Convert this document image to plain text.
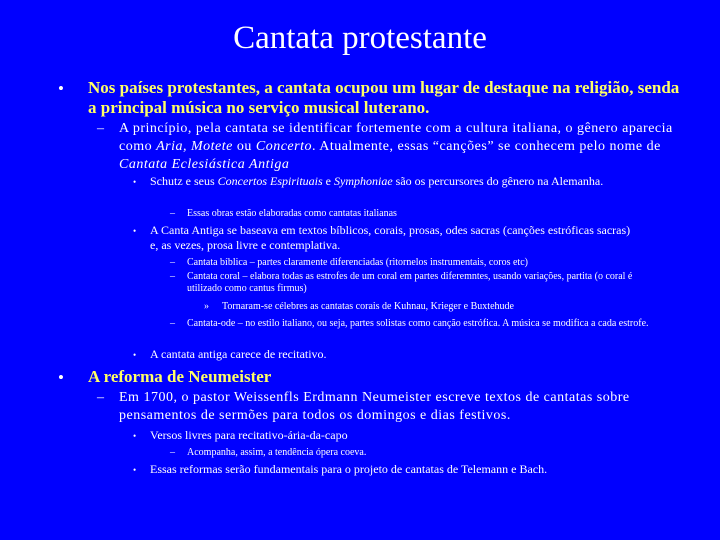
Cantata protestante
• Nos países protestantes, a cantata ocupou um lugar de destaque na religião, senda a principal música no serviço musical luterano.
– A princípio, pela cantata se identificar fortemente com a cultura italiana, o gênero aparecia como Aria, Motete ou Concerto. Atualmente, essas “canções” se conhecem pelo nome de Cantata Eclesiástica Antiga
• Schutz e seus Concertos Espirituais e Symphoniae são os percursores do gênero na Alemanha.
– Essas obras estão elaboradas como cantatas italianas
• A Canta Antiga se baseava em textos bíblicos, corais, prosas, odes sacras (canções estróficas sacras) e, as vezes, prosa livre e contemplativa.
– Cantata bíblica – partes claramente diferenciadas (ritornelos instrumentais, coros etc)
– Cantata coral – elabora todas as estrofes de um coral em partes diferemntes, usando variações, partita (o coral é utilizado como cantus firmus)
» Tornaram-se célebres as cantatas corais de Kuhnau, Krieger e Buxtehude
– Cantata-ode – no estilo italiano, ou seja, partes solistas como canção estrófica. A música se modifica a cada estrofe.
• A cantata antiga carece de recitativo.
• A reforma de Neumeister
– Em 1700, o pastor Weissenfls Erdmann Neumeister escreve textos de cantatas sobre pensamentos de sermões para todos os domingos e dias festivos.
• Versos livres para recitativo-ária-da-capo
– Acompanha, assim, a tendência ópera coeva.
• Essas reformas serão fundamentais para o projeto de cantatas de Telemann e Bach.
